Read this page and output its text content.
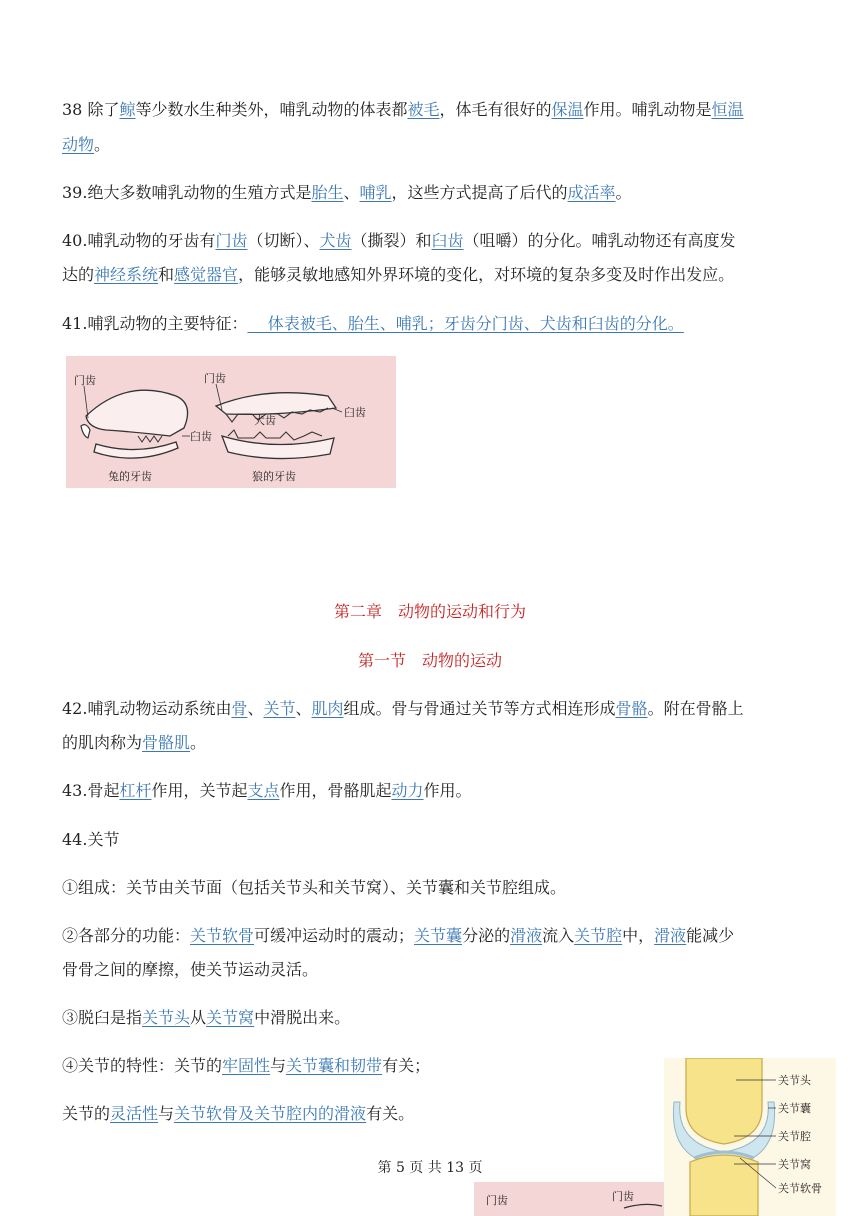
38 除了鲸等少数水生种类外，哺乳动物的体表都被毛，体毛有很好的保温作用。哺乳动物是恒温
动物。
39.绝大多数哺乳动物的生殖方式是胎生、哺乳，这些方式提高了后代的成活率。
40.哺乳动物的牙齿有门齿（切断）、犬齿（撕裂）和臼齿（咀嚼）的分化。哺乳动物还有高度发
达的神经系统和感觉器官，能够灵敏地感知外界环境的变化，对环境的复杂多变及时作出发应。
41.哺乳动物的主要特征：    体表被毛、胎生、哺乳；牙齿分门齿、犬齿和臼齿的分化。
门齿
臼齿
兔的牙齿
门齿
犬齿
臼齿
狼的牙齿
第二章　动物的运动和行为
第一节　动物的运动
42.哺乳动物运动系统由骨、关节、肌肉组成。骨与骨通过关节等方式相连形成骨骼。附在骨骼上
的肌肉称为骨骼肌。
43.骨起杠杆作用，关节起支点作用，骨骼肌起动力作用。
44.关节
①组成：关节由关节面（包括关节头和关节窝）、关节囊和关节腔组成。
②各部分的功能：关节软骨可缓冲运动时的震动；关节囊分泌的滑液流入关节腔中，滑液能减少
骨骨之间的摩擦，使关节运动灵活。
③脱臼是指关节头从关节窝中滑脱出来。
④关节的特性：关节的牢固性与关节囊和韧带有关；
关节的灵活性与关节软骨及关节腔内的滑液有关。
关节头
关节囊
关节腔
关节窝
关节软骨
第 5 页 共 13 页
门齿	门齿
